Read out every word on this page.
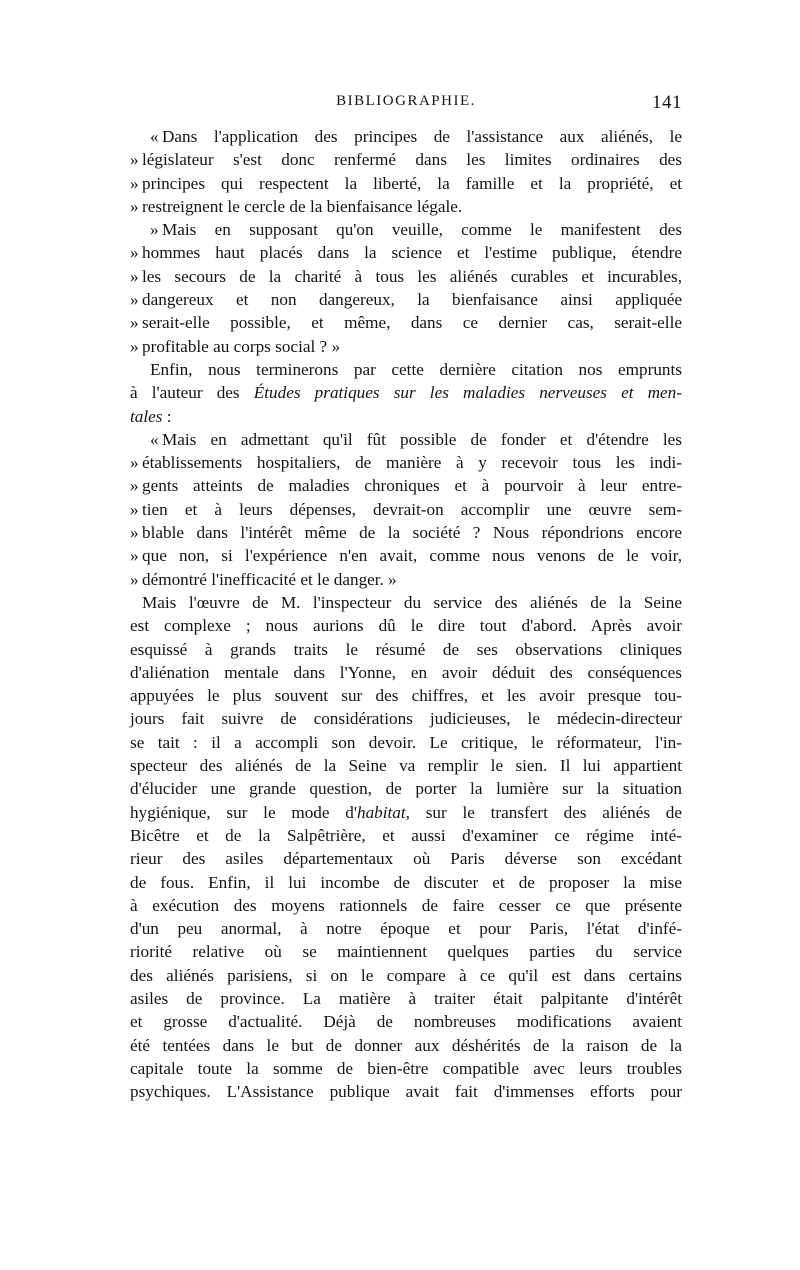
BIBLIOGRAPHIE.	141
«Dans l'application des principes de l'assistance aux aliénés, le
»législateur s'est donc renfermé dans les limites ordinaires des
»principes qui respectent la liberté, la famille et la propriété, et
»restreignent le cercle de la bienfaisance légale.
»Mais en supposant qu'on veuille, comme le manifestent des
»hommes haut placés dans la science et l'estime publique, étendre
»les secours de la charité à tous les aliénés curables et incurables,
»dangereux et non dangereux, la bienfaisance ainsi appliquée
»serait-elle possible, et même, dans ce dernier cas, serait-elle
»profitable au corps social ? »
Enfin, nous terminerons par cette dernière citation nos emprunts
à l'auteur des Études pratiques sur les maladies nerveuses et men-
tales :
«Mais en admettant qu'il fût possible de fonder et d'étendre les
»établissements hospitaliers, de manière à y recevoir tous les indi-
»gents atteints de maladies chroniques et à pourvoir à leur entre-
»tien et à leurs dépenses, devrait-on accomplir une œuvre sem-
»blable dans l'intérêt même de la société ? Nous répondrions encore
»que non, si l'expérience n'en avait, comme nous venons de le voir,
»démontré l'inefficacité et le danger. »
Mais l'œuvre de M. l'inspecteur du service des aliénés de la Seine
est complexe ; nous aurions dû le dire tout d'abord. Après avoir
esquissé à grands traits le résumé de ses observations cliniques
d'aliénation mentale dans l'Yonne, en avoir déduit des conséquences
appuyées le plus souvent sur des chiffres, et les avoir presque tou-
jours fait suivre de considérations judicieuses, le médecin-directeur
se tait : il a accompli son devoir. Le critique, le réformateur, l'in-
specteur des aliénés de la Seine va remplir le sien. Il lui appartient
d'élucider une grande question, de porter la lumière sur la situation
hygiénique, sur le mode d'habitat, sur le transfert des aliénés de
Bicêtre et de la Salpêtrière, et aussi d'examiner ce régime inté-
rieur des asiles départementaux où Paris déverse son excédant
de fous. Enfin, il lui incombe de discuter et de proposer la mise
à exécution des moyens rationnels de faire cesser ce que présente
d'un peu anormal, à notre époque et pour Paris, l'état d'infé-
riorité relative où se maintiennent quelques parties du service
des aliénés parisiens, si on le compare à ce qu'il est dans certains
asiles de province. La matière à traiter était palpitante d'intérêt
et grosse d'actualité. Déjà de nombreuses modifications avaient
été tentées dans le but de donner aux déshérités de la raison de la
capitale toute la somme de bien-être compatible avec leurs troubles
psychiques. L'Assistance publique avait fait d'immenses efforts pour
